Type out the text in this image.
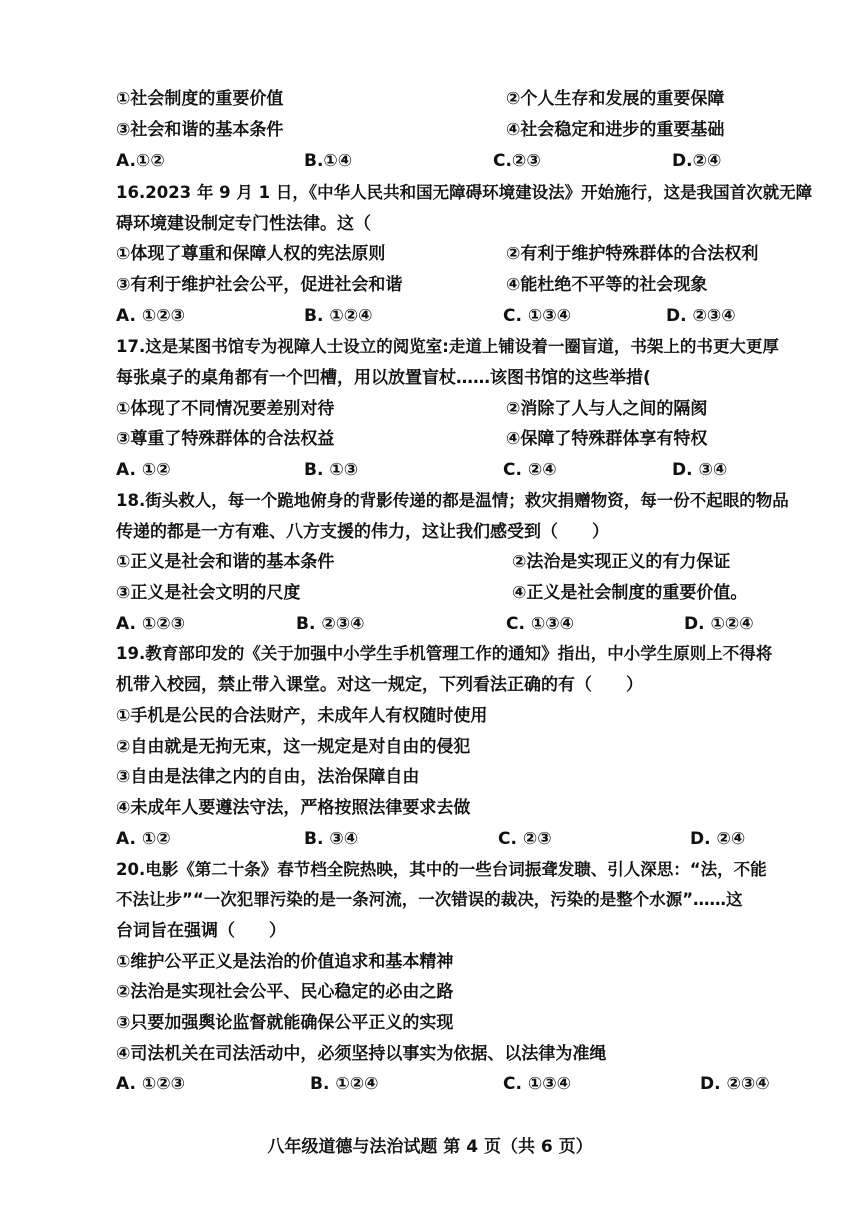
①社会制度的重要价值	②个人生存和发展的重要保障
③社会和谐的基本条件	④社会稳定和进步的重要基础
A.①②	B.①④	C.②③	D.②④
16.2023 年 9 月 1 日，《中华人民共和国无障碍环境建设法》开始施行，这是我国首次就无障
碍环境建设制定专门性法律。这（
①体现了尊重和保障人权的宪法原则	②有利于维护特殊群体的合法权利
③有利于维护社会公平，促进社会和谐	④能杜绝不平等的社会现象
A. ①②③	B. ①②④	C. ①③④	D. ②③④
17.这是某图书馆专为视障人士设立的阅览室:走道上铺设着一圈盲道，书架上的书更大更厚
每张桌子的桌角都有一个凹槽，用以放置盲杖……该图书馆的这些举措(
①体现了不同情况要差别对待	②消除了人与人之间的隔阂
③尊重了特殊群体的合法权益	④保障了特殊群体享有特权
A. ①②	B. ①③	C. ②④	D. ③④
18.街头救人，每一个跪地俯身的背影传递的都是温情；救灾捐赠物资，每一份不起眼的物品
传递的都是一方有难、八方支援的伟力，这让我们感受到（　　）
①正义是社会和谐的基本条件	②法治是实现正义的有力保证
③正义是社会文明的尺度	④正义是社会制度的重要价值。
A. ①②③	B. ②③④	C. ①③④	D. ①②④
19.教育部印发的《关于加强中小学生手机管理工作的通知》指出，中小学生原则上不得将
机带入校园，禁止带入课堂。对这一规定，下列看法正确的有（　　）
①手机是公民的合法财产，未成年人有权随时使用
②自由就是无拘无束，这一规定是对自由的侵犯
③自由是法律之内的自由，法治保障自由
④未成年人要遵法守法，严格按照法律要求去做
A. ①②	B. ③④	C. ②③	D. ②④
20.电影《第二十条》春节档全院热映，其中的一些台词振聋发聩、引人深思：“法，不能
不法让步”“一次犯罪污染的是一条河流，一次错误的裁决，污染的是整个水源”……这
台词旨在强调（　　）
①维护公平正义是法治的价值追求和基本精神
②法治是实现社会公平、民心稳定的必由之路
③只要加强舆论监督就能确保公平正义的实现
④司法机关在司法活动中，必须坚持以事实为依据、以法律为准绳
A. ①②③	B. ①②④	C. ①③④	D. ②③④
八年级道德与法治试题 第 4 页（共 6 页）
